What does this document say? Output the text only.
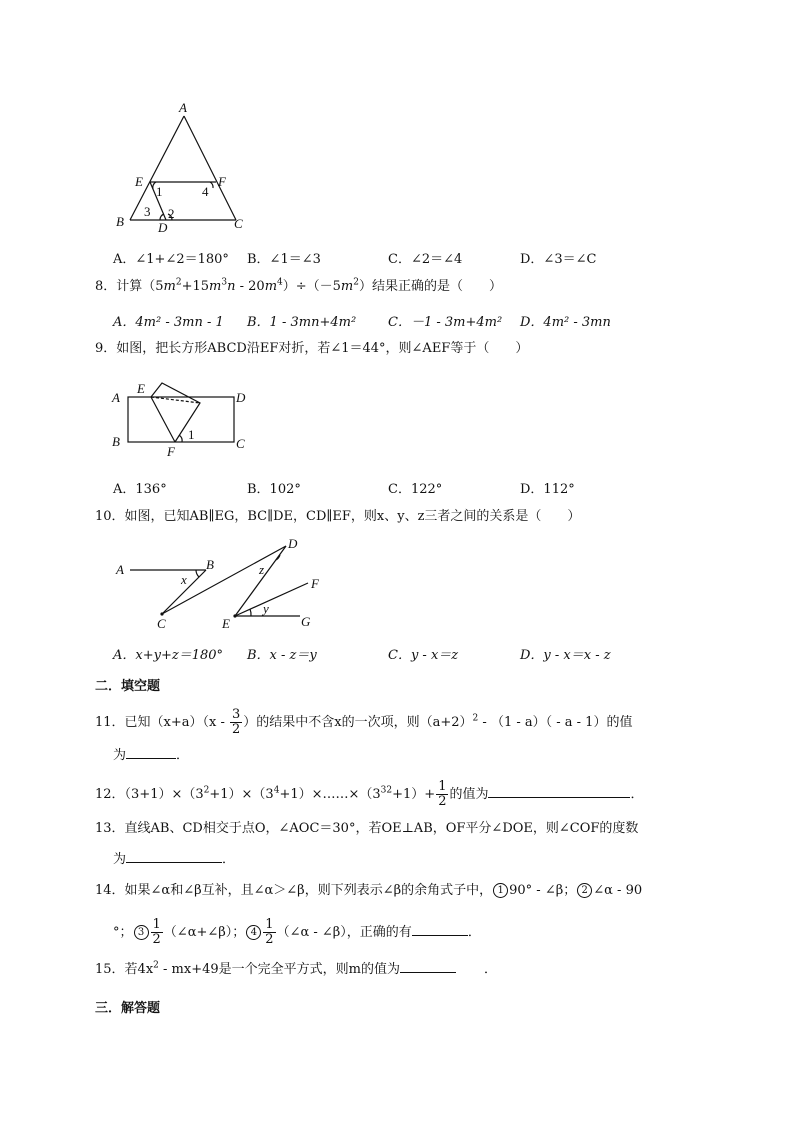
A
E	F
B	C
D
1	4
3 2
A．∠1+∠2＝180° B．∠1＝∠3	C．∠2＝∠4	D．∠3＝∠C
8．计算$(5m^2+15m^3n - 20m^4)\div(-5m^2)$结果正确的是（　　）
A．4m² - 3mn - 1 B．1 - 3mn+4m² C．－1 - 3m+4m² D．4m² - 3mn
9．如图，把长方形ABCD沿EF对折，若∠1＝44°，则∠AEF等于（　　）
A
E
D
B	C
F
1
A．136°	B．102°	C．122°	D．112°
10．如图，已知AB∥EG，BC∥DE，CD∥EF，则x、y、z三者之间的关系是（　　）
A	B
x
C
D
z
F
y
E	G
A．x+y+z＝180° B．x - z＝y	C．y - x＝z	D．y - x＝x - z
二．填空题
11．已知$(x+a)(x - \frac{3}{2}$ ）的结果中不含x的一次项，则$(a+2)^2 - (1 - a)( - a - 1)$的值
为	．
12．$(3+1)\times(3^2+1)\times(3^4+1)\times\dots\dots\times(3^{32}+1)+ \frac{1}{2}$ 的值为	．
13．直线AB、CD相交于点O，∠AOC＝30°，若OE⊥AB，OF平分∠DOE，则∠COF的度数
为	．
14．如果∠α和∠β互补，且∠α＞∠β，则下列表示∠β的余角式子中， 1 90° - ∠β； 2 ∠α - 90
°； $3 \frac{1}{2}$ （∠α+∠β）； $4 \frac{1}{2}$ （∠α - ∠β），正确的有	．
15．若$4x^2 - mx+49$是一个完全平方式，则m的值为	．
三．解答题
